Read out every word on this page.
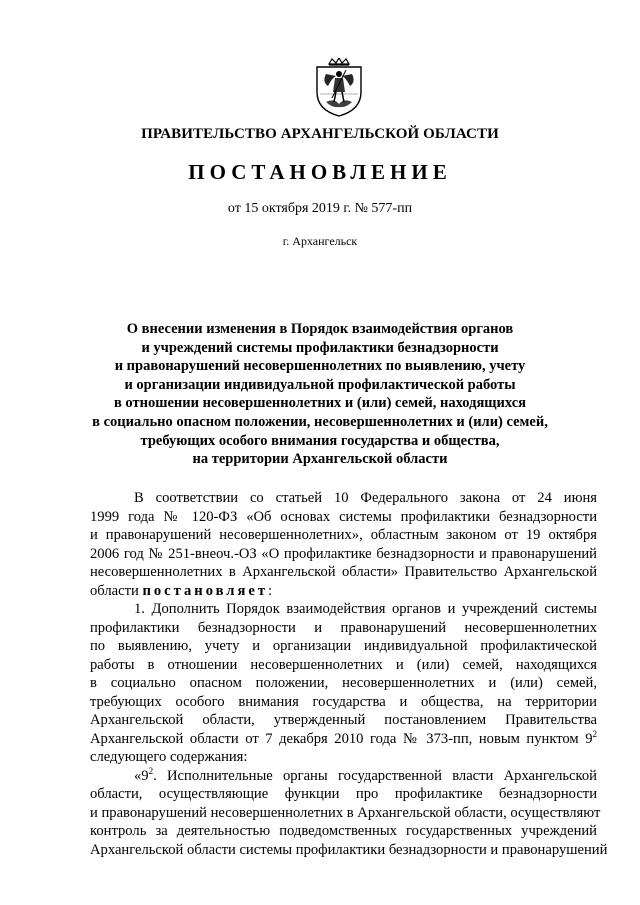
ПРАВИТЕЛЬСТВО АРХАНГЕЛЬСКОЙ ОБЛАСТИ
ПОСТАНОВЛЕНИЕ
от 15 октября 2019 г. № 577-пп
г. Архангельск
О внесении изменения в Порядок взаимодействия органов
и учреждений системы профилактики безнадзорности
и правонарушений несовершеннолетних по выявлению, учету
и организации индивидуальной профилактической работы
в отношении несовершеннолетних и (или) семей, находящихся
в социально опасном положении, несовершеннолетних и (или) семей,
требующих особого внимания государства и общества,
на территории Архангельской области
В соответствии со статьей 10 Федерального закона от 24 июня
1999 года № 120-ФЗ «Об основах системы профилактики безнадзорности
и правонарушений несовершеннолетних», областным законом от 19 октября
2006 год № 251-внеоч.-ОЗ «О профилактике безнадзорности и правонарушений
несовершеннолетних в Архангельской области» Правительство Архангельской
области постановляет:
1. Дополнить Порядок взаимодействия органов и учреждений системы
профилактики безнадзорности и правонарушений несовершеннолетних
по выявлению, учету и организации индивидуальной профилактической
работы в отношении несовершеннолетних и (или) семей, находящихся
в социально опасном положении, несовершеннолетних и (или) семей,
требующих особого внимания государства и общества, на территории
Архангельской области, утвержденный постановлением Правительства
Архангельской области от 7 декабря 2010 года № 373-пп, новым пунктом $9^2$
следующего содержания:
«$9^2$. Исполнительные органы государственной власти Архангельской
области, осуществляющие функции про профилактике безнадзорности
и правонарушений несовершеннолетних в Архангельской области, осуществляют
контроль за деятельностью подведомственных государственных учреждений
Архангельской области системы профилактики безнадзорности и правонарушений
